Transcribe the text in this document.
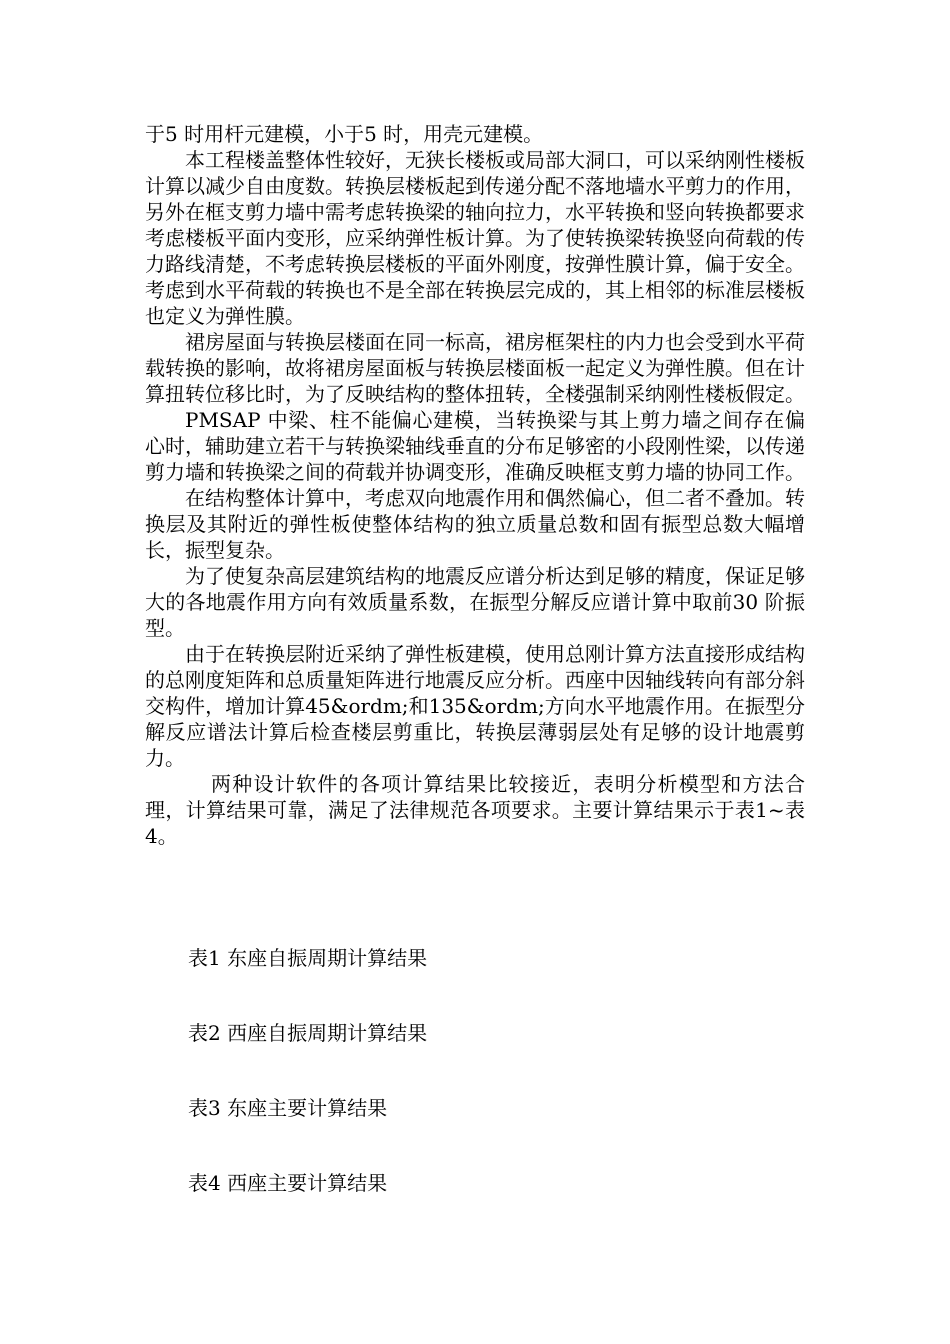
于5 时用杆元建模，小于5 时，用壳元建模。

本工程楼盖整体性较好，无狭长楼板或局部大洞口，可以采纳刚性楼板计算以减少自由度数。转换层楼板起到传递分配不落地墙水平剪力的作用，另外在框支剪力墙中需考虑转换梁的轴向拉力，水平转换和竖向转换都要求考虑楼板平面内变形，应采纳弹性板计算。为了使转换梁转换竖向荷载的传力路线清楚，不考虑转换层楼板的平面外刚度，按弹性膜计算，偏于安全。考虑到水平荷载的转换也不是全部在转换层完成的，其上相邻的标准层楼板也定义为弹性膜。

裙房屋面与转换层楼面在同一标高，裙房框架柱的内力也会受到水平荷载转换的影响，故将裙房屋面板与转换层楼面板一起定义为弹性膜。但在计算扭转位移比时，为了反映结构的整体扭转，全楼强制采纳刚性楼板假定。

PMSAP 中梁、柱不能偏心建模，当转换梁与其上剪力墙之间存在偏心时，辅助建立若干与转换梁轴线垂直的分布足够密的小段刚性梁，以传递剪力墙和转换梁之间的荷载并协调变形，准确反映框支剪力墙的协同工作。

在结构整体计算中，考虑双向地震作用和偶然偏心，但二者不叠加。转换层及其附近的弹性板使整体结构的独立质量总数和固有振型总数大幅增长，振型复杂。

为了使复杂高层建筑结构的地震反应谱分析达到足够的精度，保证足够大的各地震作用方向有效质量系数，在振型分解反应谱计算中取前30 阶振型。

由于在转换层附近采纳了弹性板建模，使用总刚计算方法直接形成结构的总刚度矩阵和总质量矩阵进行地震反应分析。西座中因轴线转向有部分斜交构件，增加计算45&ordm;和135&ordm;方向水平地震作用。在振型分解反应谱法计算后检查楼层剪重比，转换层薄弱层处有足够的设计地震剪力。

两种设计软件的各项计算结果比较接近，表明分析模型和方法合理，计算结果可靠，满足了法律规范各项要求。主要计算结果示于表1~表4。

表1 东座自振周期计算结果
表2 西座自振周期计算结果
表3 东座主要计算结果
表4 西座主要计算结果
